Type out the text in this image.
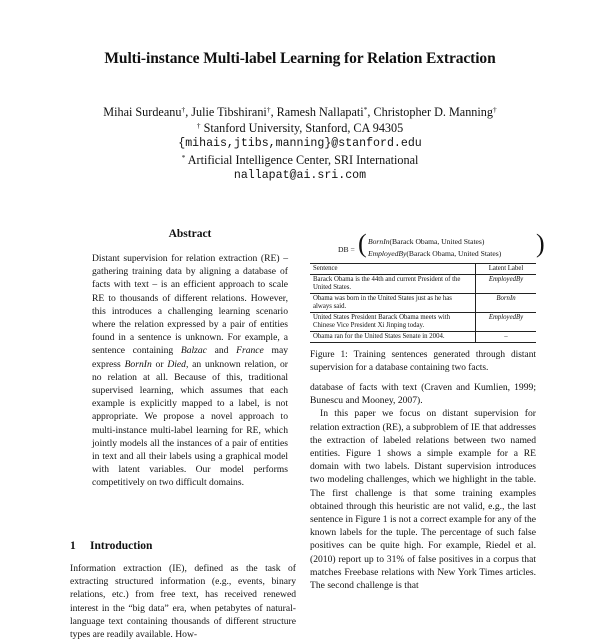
Multi-instance Multi-label Learning for Relation Extraction
Mihai Surdeanu†, Julie Tibshirani†, Ramesh Nallapati*, Christopher D. Manning†
† Stanford University, Stanford, CA 94305
{mihais,jtibs,manning}@stanford.edu
* Artificial Intelligence Center, SRI International
nallapat@ai.sri.com
Abstract
Distant supervision for relation extraction (RE) – gathering training data by aligning a database of facts with text – is an efficient approach to scale RE to thousands of different relations. However, this introduces a challenging learning scenario where the relation expressed by a pair of entities found in a sentence is unknown. For example, a sentence containing Balzac and France may express BornIn or Died, an unknown relation, or no relation at all. Because of this, traditional supervised learning, which assumes that each example is explicitly mapped to a label, is not appropriate. We propose a novel approach to multi-instance multi-label learning for RE, which jointly models all the instances of a pair of entities in text and all their labels using a graphical model with latent variables. Our model performs competitively on two difficult domains.
1 Introduction
Information extraction (IE), defined as the task of extracting structured information (e.g., events, binary relations, etc.) from free text, has received renewed interest in the “big data” era, when petabytes of natural-language text containing thousands of different structure types are readily available. How-
DB = ( BornIn(Barack Obama, United States)
EmployedBy(Barack Obama, United States) )
Sentence	Latent Label
Barack Obama is the 44th and current President of the United States.	EmployedBy
Obama was born in the United States just as he has always said.	BornIn
United States President Barack Obama meets with Chinese Vice President Xi Jinping today.	EmployedBy
Obama ran for the United States Senate in 2004.	–
Figure 1: Training sentences generated through distant supervision for a database containing two facts.

database of facts with text (Craven and Kumlien, 1999; Bunescu and Mooney, 2007).

In this paper we focus on distant supervision for relation extraction (RE), a subproblem of IE that addresses the extraction of labeled relations between two named entities. Figure 1 shows a simple example for a RE domain with two labels. Distant supervision introduces two modeling challenges, which we highlight in the table. The first challenge is that some training examples obtained through this heuristic are not valid, e.g., the last sentence in Figure 1 is not a correct example for any of the known labels for the tuple. The percentage of such false positives can be quite high. For example, Riedel et al. (2010) report up to 31% of false positives in a corpus that matches Freebase relations with New York Times articles. The second challenge is that
